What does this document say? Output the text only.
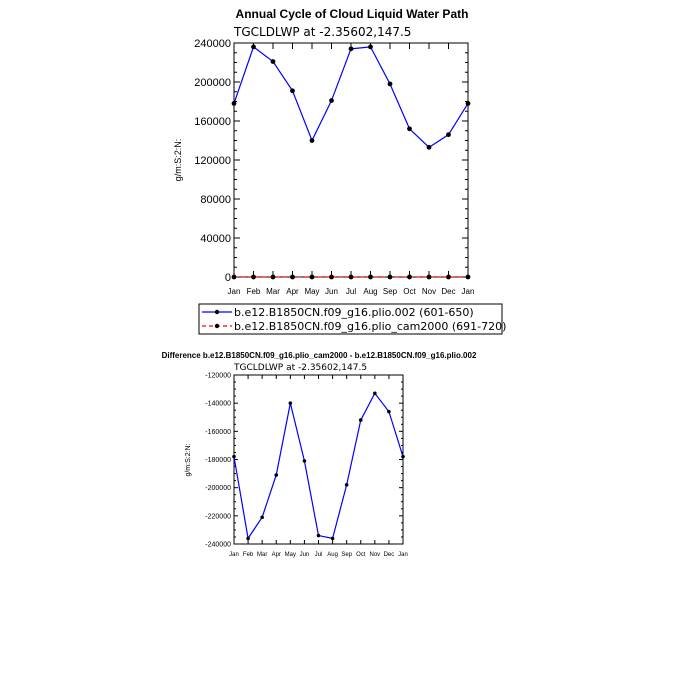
Annual Cycle of Cloud Liquid Water Path
TGCLDLWP at -2.35602,147.5
g/m:S:2:N:
0
40000
80000
120000
160000
200000
240000
Jan Feb Mar Apr May Jun Jul Aug Sep Oct Nov Dec Jan
b.e12.B1850CN.f09_g16.plio.002 (601-650)
b.e12.B1850CN.f09_g16.plio_cam2000 (691-720)
Difference b.e12.B1850CN.f09_g16.plio_cam2000 - b.e12.B1850CN.f09_g16.plio.002
TGCLDLWP at -2.35602,147.5
g/m:S:2:N:
-240000
-220000
-200000
-180000
-160000
-140000
-120000
Jan Feb Mar Apr May Jun Jul Aug Sep Oct Nov Dec Jan
